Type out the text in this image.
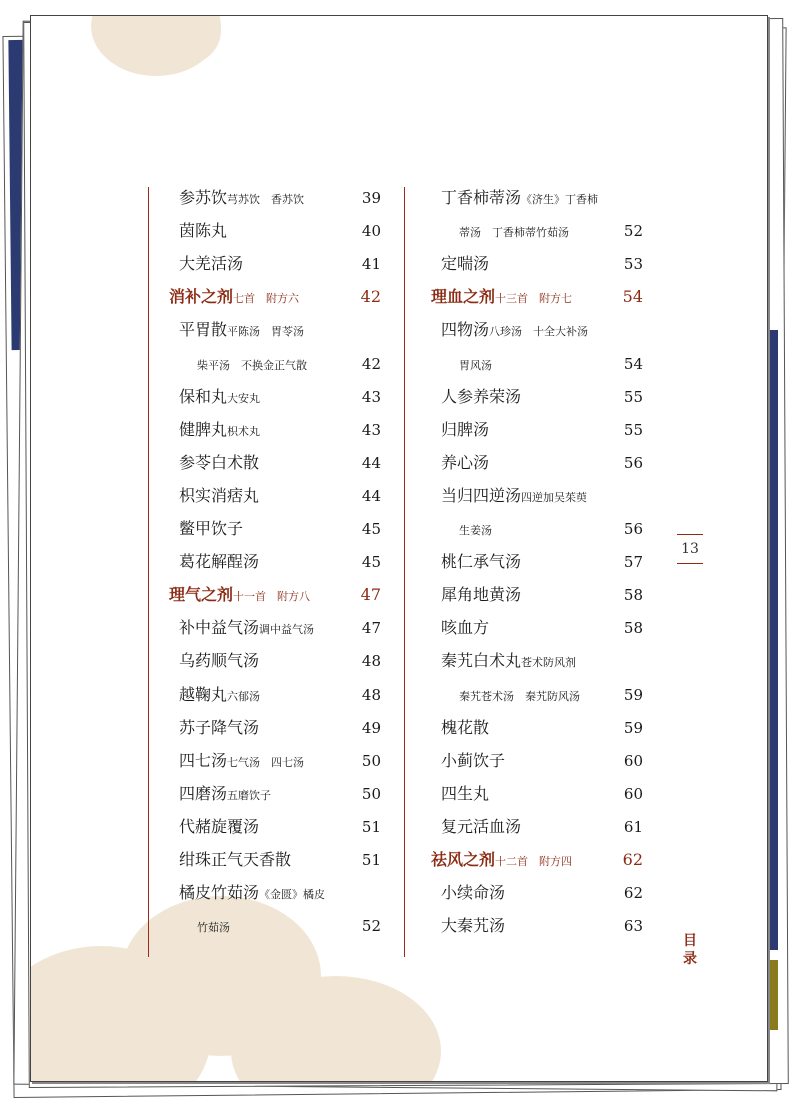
参苏饮芎苏饮　香苏饮	39
茵陈丸	40
大羌活汤	41
消补之剂七首　附方六	42
平胃散平陈汤　胃苓汤
柴平汤　不换金正气散	42
保和丸大安丸	43
健脾丸枳术丸	43
参苓白术散	44
枳实消痞丸	44
鳖甲饮子	45
葛花解酲汤	45
理气之剂十一首　附方八	47
补中益气汤调中益气汤	47
乌药顺气汤	48
越鞠丸六郁汤	48
苏子降气汤	49
四七汤七气汤　四七汤	50
四磨汤五磨饮子	50
代赭旋覆汤	51
绀珠正气天香散	51
橘皮竹茹汤《金匮》橘皮
竹茹汤	52
丁香柿蒂汤《济生》丁香柿
蒂汤　丁香柿蒂竹茹汤	52
定喘汤	53
理血之剂十三首　附方七	54
四物汤八珍汤　十全大补汤
胃风汤	54
人参养荣汤	55
归脾汤	55
养心汤	56
当归四逆汤四逆加吴茱萸
生姜汤	56
桃仁承气汤	57
犀角地黄汤	58
咳血方	58
秦艽白术丸苍术防风剂
秦艽苍术汤　秦艽防风汤	59
槐花散	59
小蓟饮子	60
四生丸	60
复元活血汤	61
祛风之剂十二首　附方四	62
小续命汤	62
大秦艽汤	63
13
目
录
